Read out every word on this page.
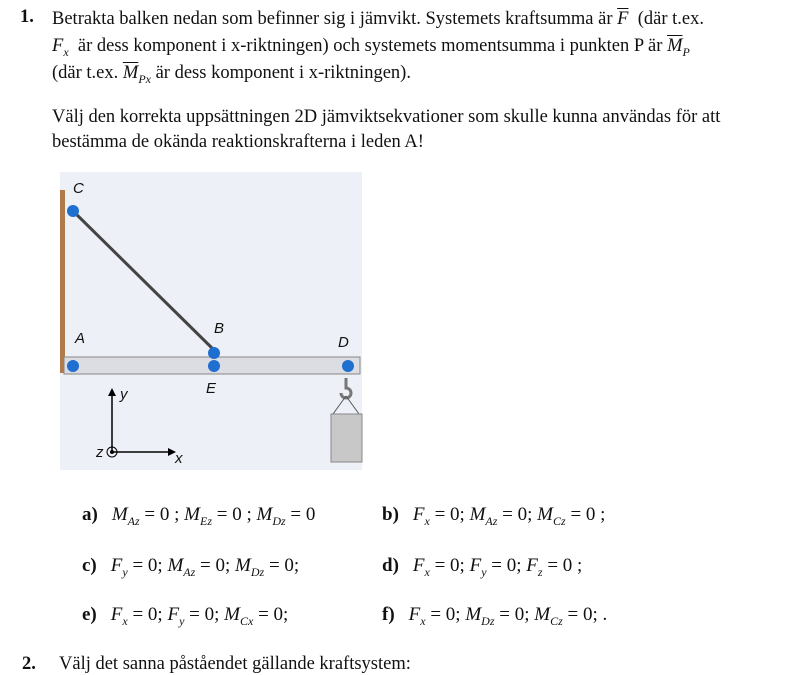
1. Betrakta balken nedan som befinner sig i jämvikt. Systemets kraftsumma är $\overline{F}$ (där t.ex.
$F_x$ är dess komponent i x-riktningen) och systemets momentsumma i punkten P är $\overline{M}_P$
(där t.ex. $\overline{M}_{Px}$ är dess komponent i x-riktningen).
Välj den korrekta uppsättningen 2D jämviktsekvationer som skulle kunna användas för att
bestämma de okända reaktionskrafterna i leden A!
C
A
B
D
E
y
z	x
a) $M_{Az} = 0$ ; $M_{Ez} = 0$ ; $M_{Dz} = 0$	b) $F_x = 0$; $M_{Az} = 0$; $M_{Cz} = 0$ ;
c) $F_y = 0$; $M_{Az} = 0$; $M_{Dz} = 0$;	d) $F_x = 0$; $F_y = 0$; $F_z = 0$ ;
e) $F_x = 0$; $F_y = 0$; $M_{Cx} = 0$;	f) $F_x = 0$; $M_{Dz} = 0$; $M_{Cz} = 0$; .
2. Välj det sanna påståendet gällande kraftsystem:
